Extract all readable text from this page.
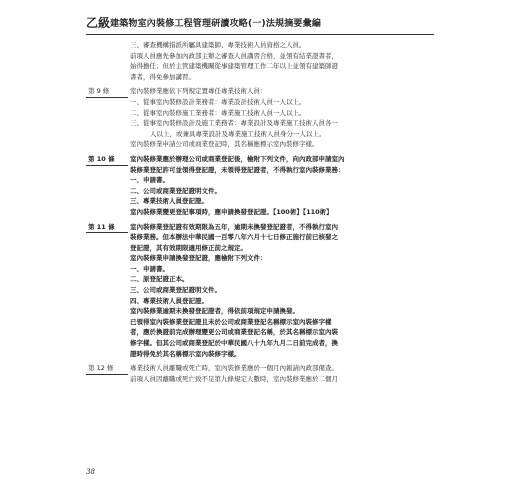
乙級 建築物室內裝修工程管理研讀攻略(一)法規摘要彙編
三、審查機構指派所屬具建築師、專業技術人員資格之人員。
前項人員應先參加內政部主辦之審查人員講習合格，並領有結業證書者，
始得擔任；但於主管建築機關從事建築管理工作二年以上並領有建築師證
書者，得免參加講習。
第 9 條	室內裝修業應依下列規定置專任專業技術人員：
一、從事室內裝修設計業務者：專業設計技術人員一人以上。
二、從事室內裝修施工業務者：專業施工技術人員一人以上。
三、從事室內裝修設計及施工業務者：專業設計及專業施工技術人員各一
人以上，或兼具專業設計及專業施工技術人員身分一人以上。
室內裝修業申請公司或商業登記時，其名稱應標示室內裝修字樣。
第 10 條	室內裝修業應於辦理公司或商業登記後，檢附下列文件，向內政部申請室內
裝修業登記許可並領得登記證，未領得登記證者，不得執行室內裝修業務：
一、申請書。
二、公司或商業登記證明文件。
三、專業技術人員登記證。
室內裝修業變更登記事項時，應申請換發登記證。【100術】【110術】
第 11 條	室內裝修業登記證有效期限為五年，逾期未換發登記證者，不得執行室內
裝修業務。但本辦法中華民國一百零八年六月十七日修正施行前已核發之
登記證，其有效期限適用修正前之規定。
室內裝修業申請換發登記證，應檢附下列文件：
一、申請書。
二、原登記證正本。
三、公司或商業登記證明文件。
四、專業技術人員登記證。
室內裝修業逾期未換發登記證者，得依前項規定申請換發。
已領得室內裝修業登記證且未於公司或商業登記名稱標示室內裝修字樣
者，應於換證前完成辦理變更公司或商業登記名稱，於其名稱標示室內裝
修字樣。但其公司或商業登記於中華民國八十九年九月二日前完成者，換
證時得免於其名稱標示室內裝修字樣。
第 12 條	專業技術人員離職或死亡時，室內裝修業應於一個月內報請內政部備查。
前項人員因離職或死亡致不足第九條規定人數時，室內裝修業應於二個月
38
